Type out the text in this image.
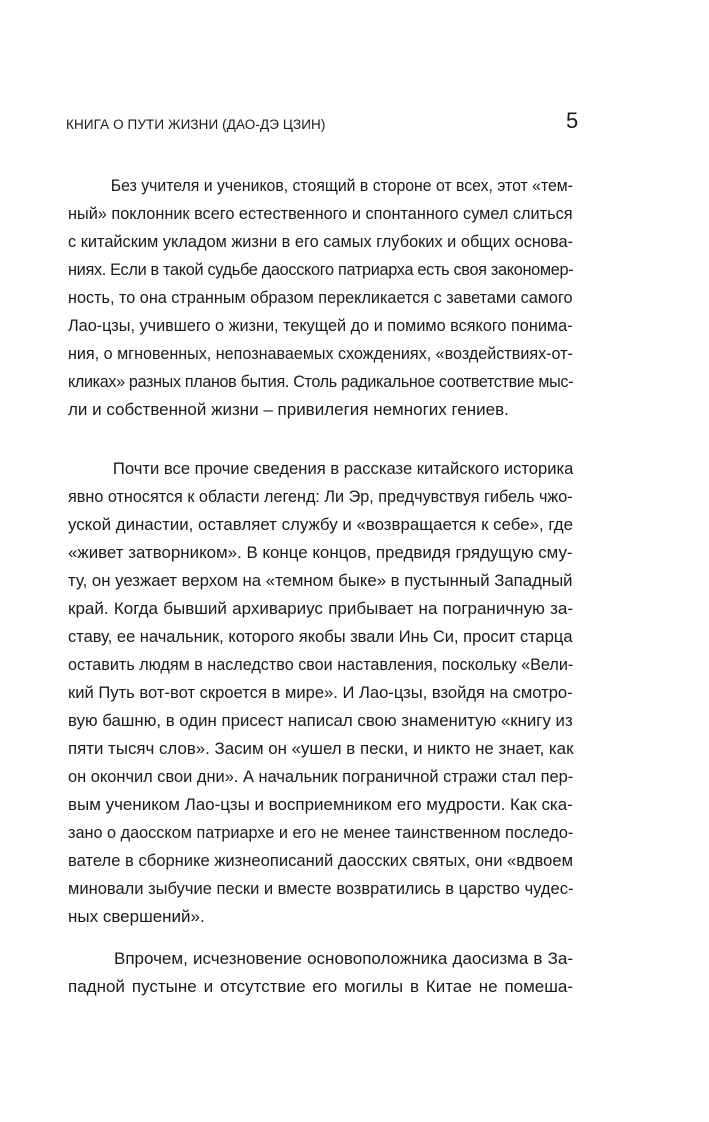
КНИГА О ПУТИ ЖИЗНИ (ДАО-ДЭ ЦЗИН)	5
Без учителя и учеников, стоящий в стороне от всех, этот «тем-
ный» поклонник всего естественного и спонтанного сумел слиться
с китайским укладом жизни в его самых глубоких и общих основа-
ниях. Если в такой судьбе даосского патриарха есть своя закономер-
ность, то она странным образом перекликается с заветами самого
Лао-цзы, учившего о жизни, текущей до и помимо всякого понима-
ния, о мгновенных, непознаваемых схождениях, «воздействиях-от-
кликах» разных планов бытия. Столь радикальное соответствие мыс-
ли и собственной жизни – привилегия немногих гениев.
Почти все прочие сведения в рассказе китайского историка
явно относятся к области легенд: Ли Эр, предчувствуя гибель чжо-
уской династии, оставляет службу и «возвращается к себе», где
«живет затворником». В конце концов, предвидя грядущую сму-
ту, он уезжает верхом на «темном быке» в пустынный Западный
край. Когда бывший архивариус прибывает на пограничную за-
ставу, ее начальник, которого якобы звали Инь Си, просит старца
оставить людям в наследство свои наставления, поскольку «Вели-
кий Путь вот-вот скроется в мире». И Лао-цзы, взойдя на смотро-
вую башню, в один присест написал свою знаменитую «книгу из
пяти тысяч слов». Засим он «ушел в пески, и никто не знает, как
он окончил свои дни». А начальник пограничной стражи стал пер-
вым учеником Лао-цзы и восприемником его мудрости. Как ска-
зано о даосском патриархе и его не менее таинственном последо-
вателе в сборнике жизнеописаний даосских святых, они «вдвоем
миновали зыбучие пески и вместе возвратились в царство чудес-
ных свершений».
Впрочем, исчезновение основоположника даосизма в За-
падной пустыне и отсутствие его могилы в Китае не помеша-
